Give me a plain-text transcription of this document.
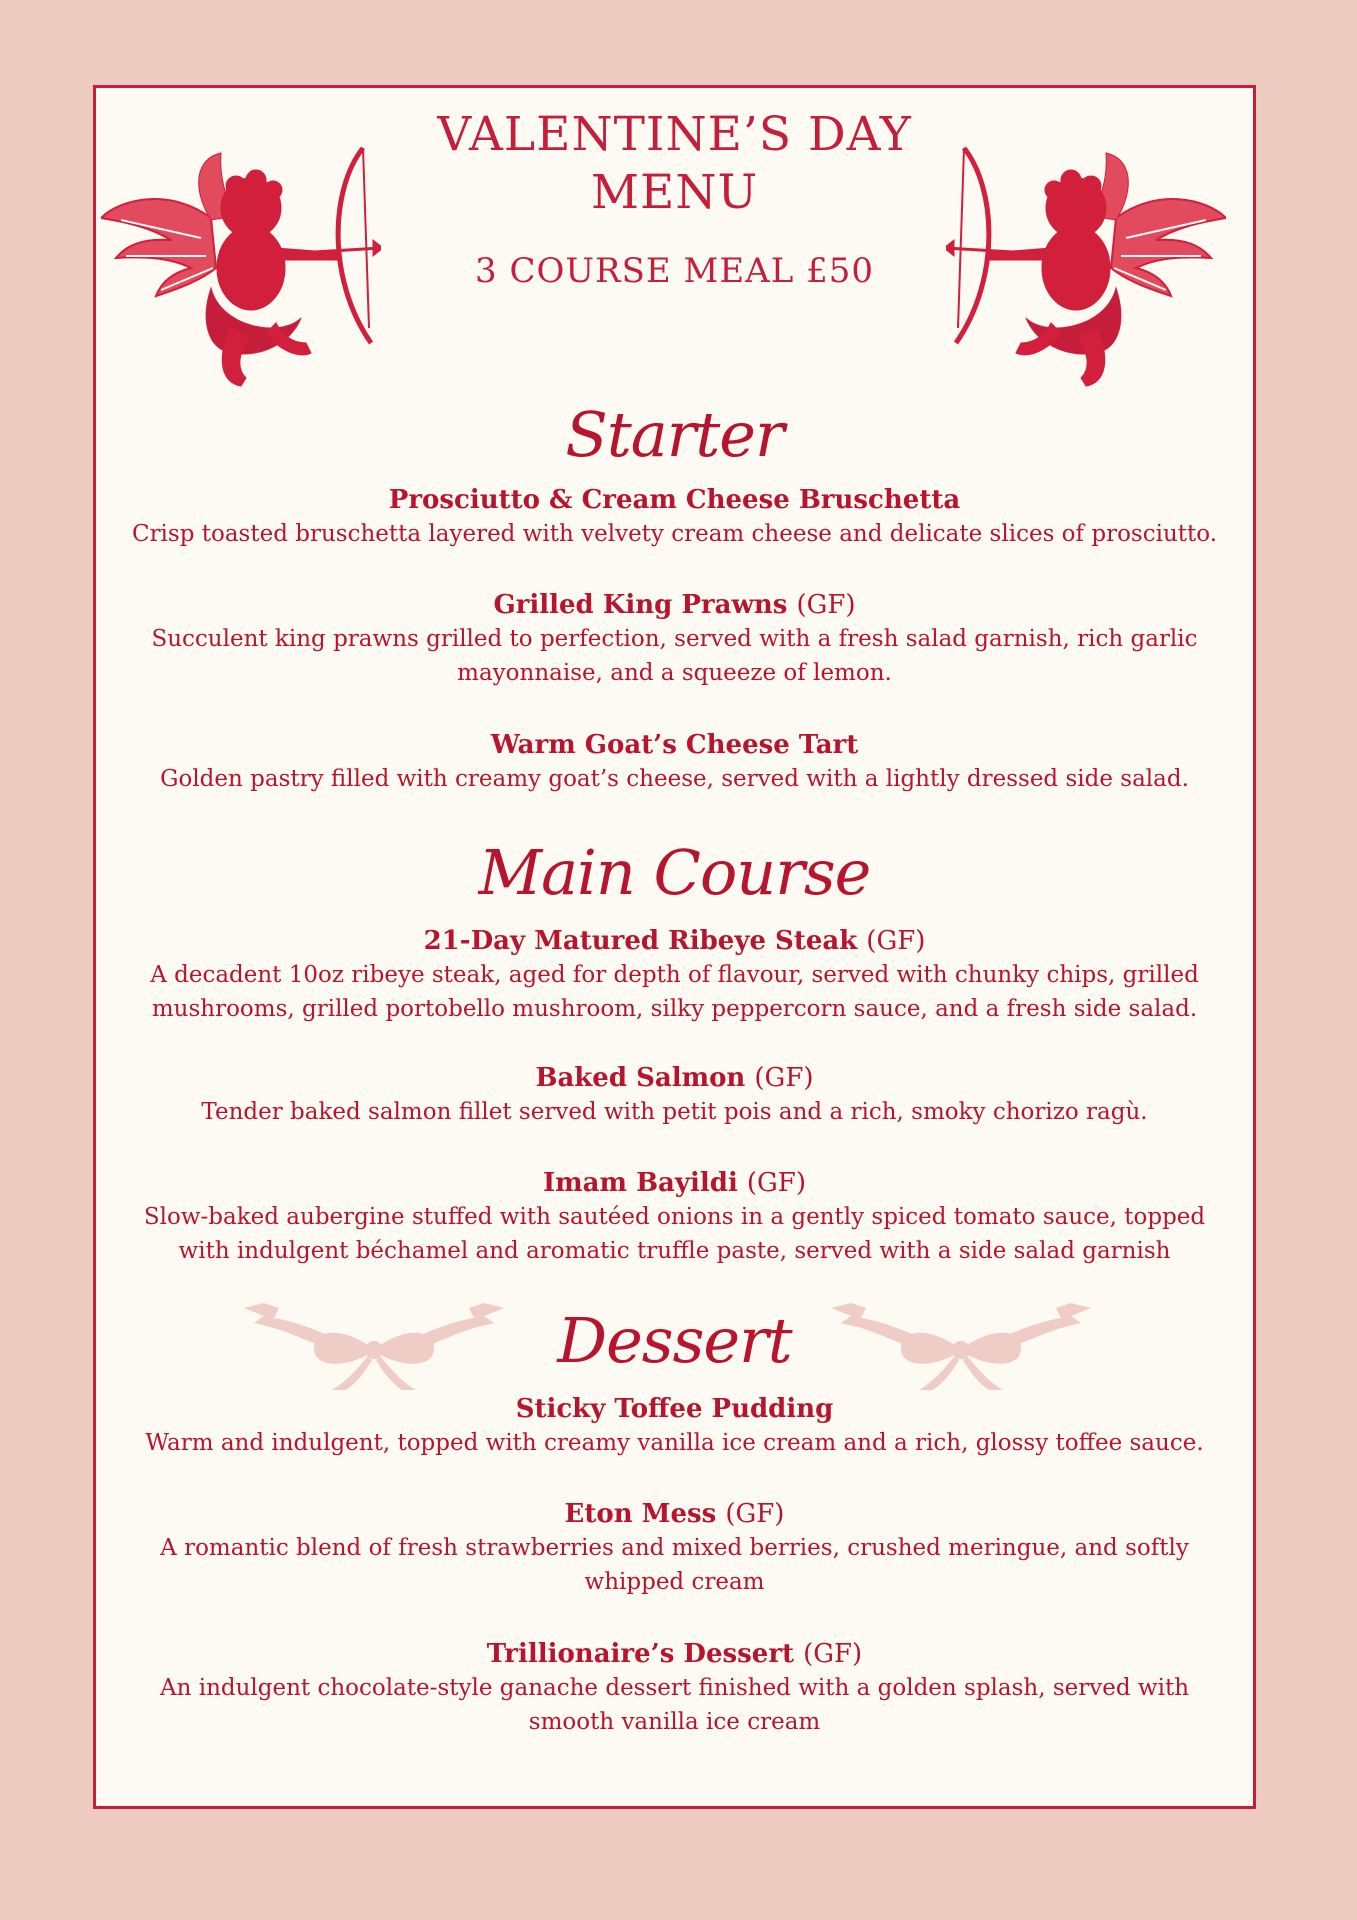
VALENTINE’S DAY
MENU
3 COURSE MEAL £50
Starter
Prosciutto & Cream Cheese Bruschetta
Crisp toasted bruschetta layered with velvety cream cheese and delicate slices of prosciutto.
Grilled King Prawns (GF)
Succulent king prawns grilled to perfection, served with a fresh salad garnish, rich garlic mayonnaise, and a squeeze of lemon.
Warm Goat’s Cheese Tart
Golden pastry filled with creamy goat’s cheese, served with a lightly dressed side salad.
Main Course
21-Day Matured Ribeye Steak (GF)
A decadent 10oz ribeye steak, aged for depth of flavour, served with chunky chips, grilled mushrooms, grilled portobello mushroom, silky peppercorn sauce, and a fresh side salad.
Baked Salmon (GF)
Tender baked salmon fillet served with petit pois and a rich, smoky chorizo ragù.
Imam Bayildi (GF)
Slow-baked aubergine stuffed with sautéed onions in a gently spiced tomato sauce, topped with indulgent béchamel and aromatic truffle paste, served with a side salad garnish
Dessert
Sticky Toffee Pudding
Warm and indulgent, topped with creamy vanilla ice cream and a rich, glossy toffee sauce.
Eton Mess (GF)
A romantic blend of fresh strawberries and mixed berries, crushed meringue, and softly whipped cream
Trillionaire’s Dessert (GF)
An indulgent chocolate-style ganache dessert finished with a golden splash, served with smooth vanilla ice cream
